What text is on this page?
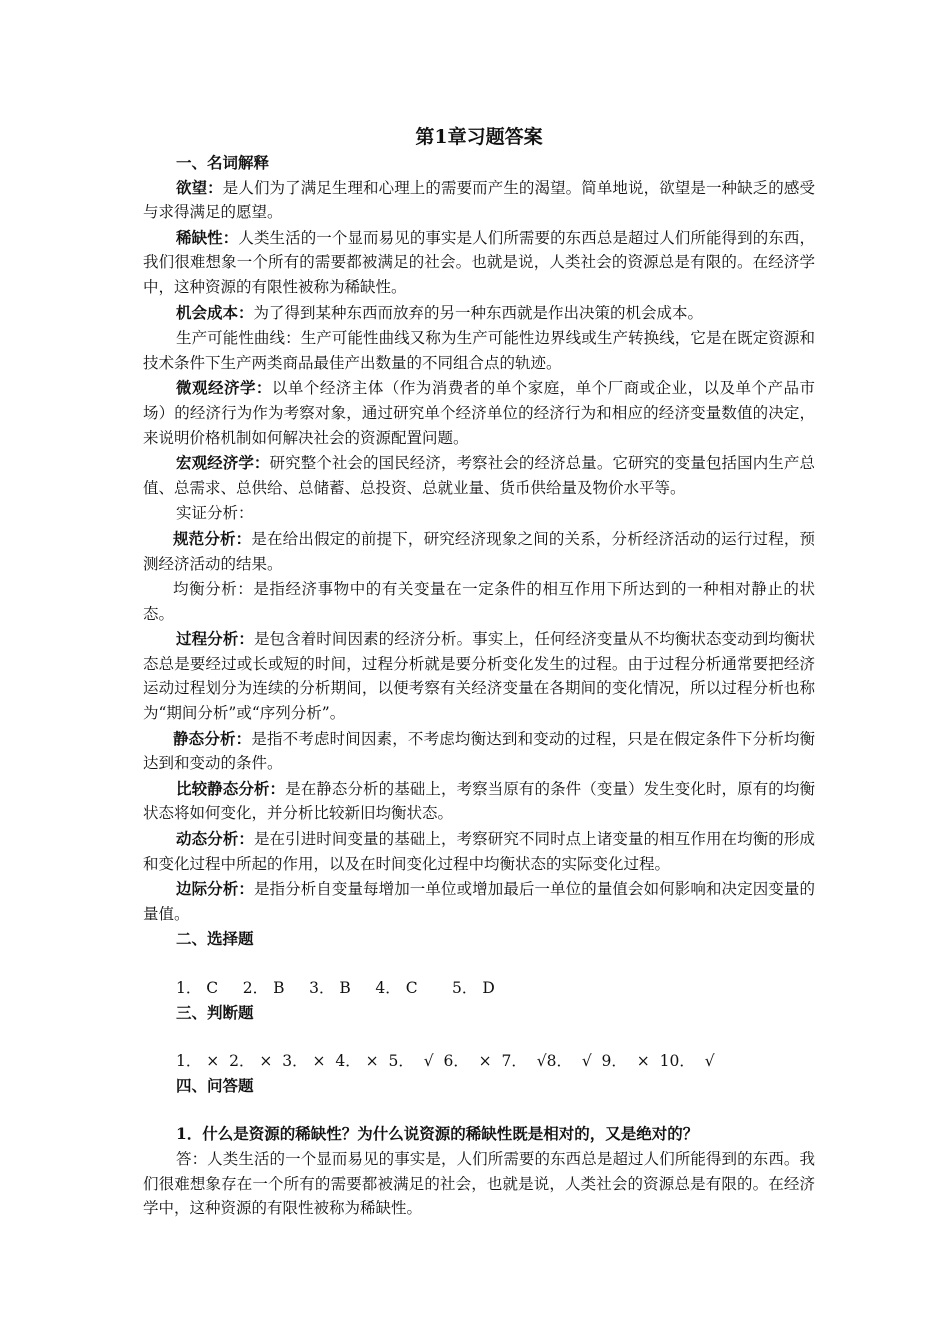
第1章习题答案
一、名词解释

欲望：是人们为了满足生理和心理上的需要而产生的渴望。简单地说，欲望是一种缺乏的感受与求得满足的愿望。

稀缺性：人类生活的一个显而易见的事实是人们所需要的东西总是超过人们所能得到的东西，我们很难想象一个所有的需要都被满足的社会。也就是说，人类社会的资源总是有限的。在经济学中，这种资源的有限性被称为稀缺性。

机会成本：为了得到某种东西而放弃的另一种东西就是作出决策的机会成本。

生产可能性曲线：生产可能性曲线又称为生产可能性边界线或生产转换线，它是在既定资源和技术条件下生产两类商品最佳产出数量的不同组合点的轨迹。

微观经济学：以单个经济主体（作为消费者的单个家庭，单个厂商或企业，以及单个产品市场）的经济行为作为考察对象，通过研究单个经济单位的经济行为和相应的经济变量数值的决定，来说明价格机制如何解决社会的资源配置问题。

宏观经济学：研究整个社会的国民经济，考察社会的经济总量。它研究的变量包括国内生产总值、总需求、总供给、总储蓄、总投资、总就业量、货币供给量及物价水平等。

实证分析：

规范分析：是在给出假定的前提下，研究经济现象之间的关系，分析经济活动的运行过程，预测经济活动的结果。

均衡分析：是指经济事物中的有关变量在一定条件的相互作用下所达到的一种相对静止的状态。

过程分析：是包含着时间因素的经济分析。事实上，任何经济变量从不均衡状态变动到均衡状态总是要经过或长或短的时间，过程分析就是要分析变化发生的过程。由于过程分析通常要把经济运动过程划分为连续的分析期间，以便考察有关经济变量在各期间的变化情况，所以过程分析也称为“期间分析”或“序列分析”。

静态分析：是指不考虑时间因素，不考虑均衡达到和变动的过程，只是在假定条件下分析均衡达到和变动的条件。

比较静态分析：是在静态分析的基础上，考察当原有的条件（变量）发生变化时，原有的均衡状态将如何变化，并分析比较新旧均衡状态。

动态分析：是在引进时间变量的基础上，考察研究不同时点上诸变量的相互作用在均衡的形成和变化过程中所起的作用，以及在时间变化过程中均衡状态的实际变化过程。

边际分析：是指分析自变量每增加一单位或增加最后一单位的量值会如何影响和决定因变量的量值。

二、选择题
1． C     2． B     3． B     4． C       5． D
三、判断题
1． ×  2． ×  3． ×  4． ×  5．  √  6．  ×  7．  √8．  √  9．  ×  10．  √
四、问答题
1．什么是资源的稀缺性？为什么说资源的稀缺性既是相对的，又是绝对的？

答：人类生活的一个显而易见的事实是，人们所需要的东西总是超过人们所能得到的东西。我们很难想象存在一个所有的需要都被满足的社会，也就是说，人类社会的资源总是有限的。在经济学中，这种资源的有限性被称为稀缺性。
